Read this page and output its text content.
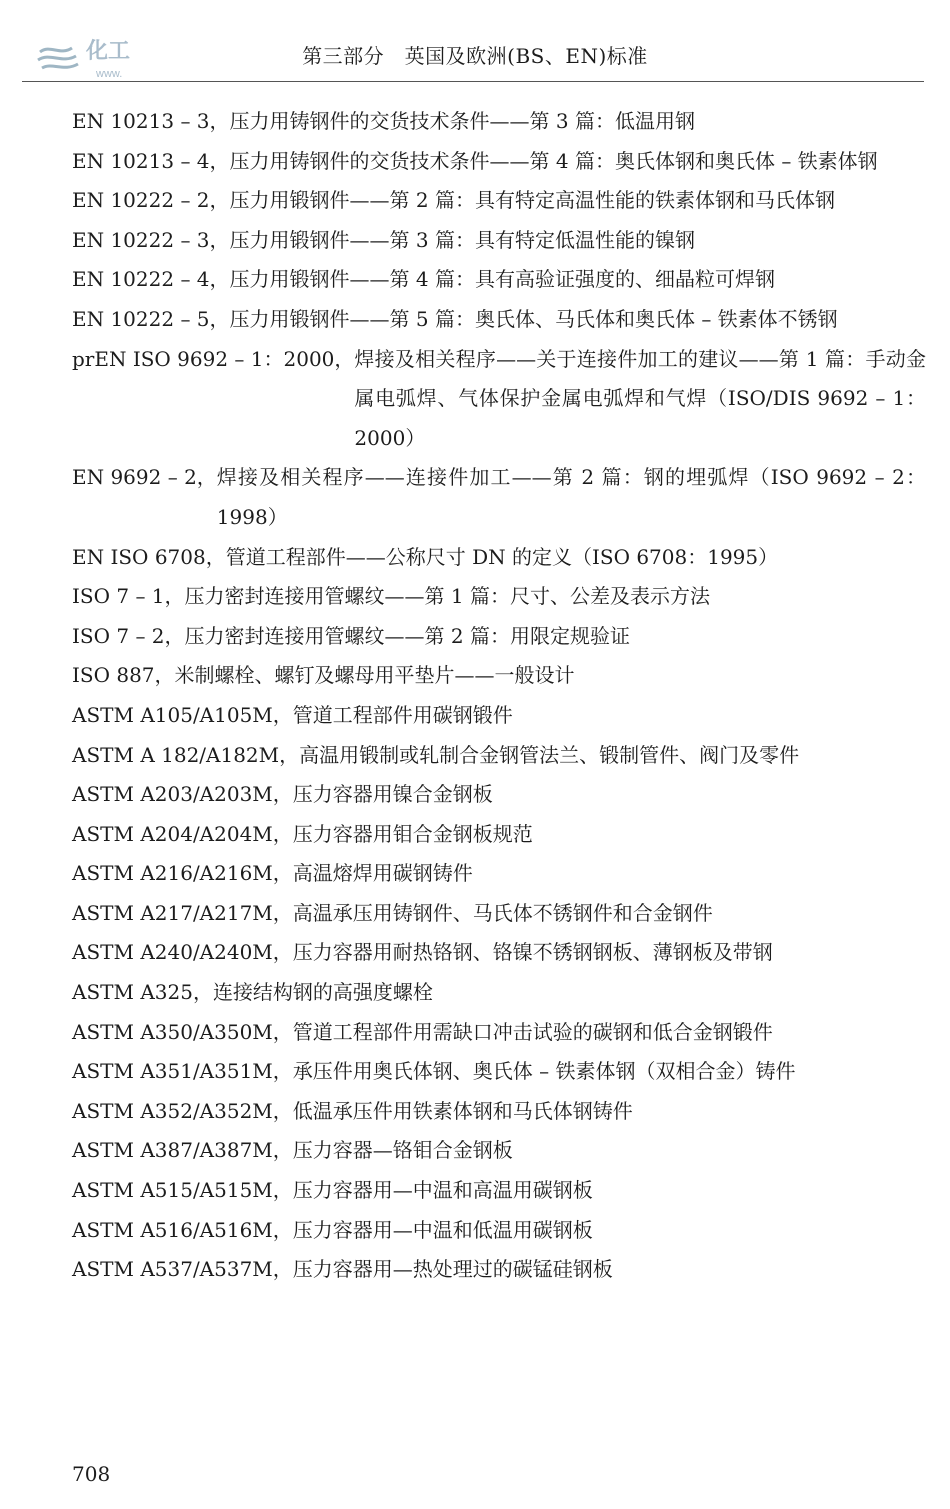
化工
www.
第三部分　英国及欧洲(BS、EN)标准
EN 10213 – 3， 压力用铸钢件的交货技术条件——第 3 篇：低温用钢
EN 10213 – 4， 压力用铸钢件的交货技术条件——第 4 篇：奥氏体钢和奥氏体 – 铁素体钢
EN 10222 – 2， 压力用锻钢件——第 2 篇：具有特定高温性能的铁素体钢和马氏体钢
EN 10222 – 3， 压力用锻钢件——第 3 篇：具有特定低温性能的镍钢
EN 10222 – 4， 压力用锻钢件——第 4 篇：具有高验证强度的、细晶粒可焊钢
EN 10222 – 5， 压力用锻钢件——第 5 篇：奥氏体、马氏体和奥氏体 – 铁素体不锈钢
prEN ISO 9692 – 1：2000， 焊接及相关程序——关于连接件加工的建议——第 1 篇：手动金属电弧焊、气体保护金属电弧焊和气焊（ISO/DIS 9692 – 1：2000）
EN 9692 – 2， 焊接及相关程序——连接件加工——第 2 篇：钢的埋弧焊（ISO 9692 – 2：1998）
EN ISO 6708， 管道工程部件——公称尺寸 DN 的定义（ISO 6708：1995）
ISO 7 – 1， 压力密封连接用管螺纹——第 1 篇：尺寸、公差及表示方法
ISO 7 – 2， 压力密封连接用管螺纹——第 2 篇：用限定规验证
ISO 887， 米制螺栓、螺钉及螺母用平垫片——一般设计
ASTM A105/A105M， 管道工程部件用碳钢锻件
ASTM A 182/A182M， 高温用锻制或轧制合金钢管法兰、锻制管件、阀门及零件
ASTM A203/A203M， 压力容器用镍合金钢板
ASTM A204/A204M， 压力容器用钼合金钢板规范
ASTM A216/A216M， 高温熔焊用碳钢铸件
ASTM A217/A217M， 高温承压用铸钢件、马氏体不锈钢件和合金钢件
ASTM A240/A240M， 压力容器用耐热铬钢、铬镍不锈钢钢板、薄钢板及带钢
ASTM A325， 连接结构钢的高强度螺栓
ASTM A350/A350M， 管道工程部件用需缺口冲击试验的碳钢和低合金钢锻件
ASTM A351/A351M， 承压件用奥氏体钢、奥氏体 – 铁素体钢（双相合金）铸件
ASTM A352/A352M， 低温承压件用铁素体钢和马氏体钢铸件
ASTM A387/A387M， 压力容器—铬钼合金钢板
ASTM A515/A515M， 压力容器用—中温和高温用碳钢板
ASTM A516/A516M， 压力容器用—中温和低温用碳钢板
ASTM A537/A537M， 压力容器用—热处理过的碳锰硅钢板
708
